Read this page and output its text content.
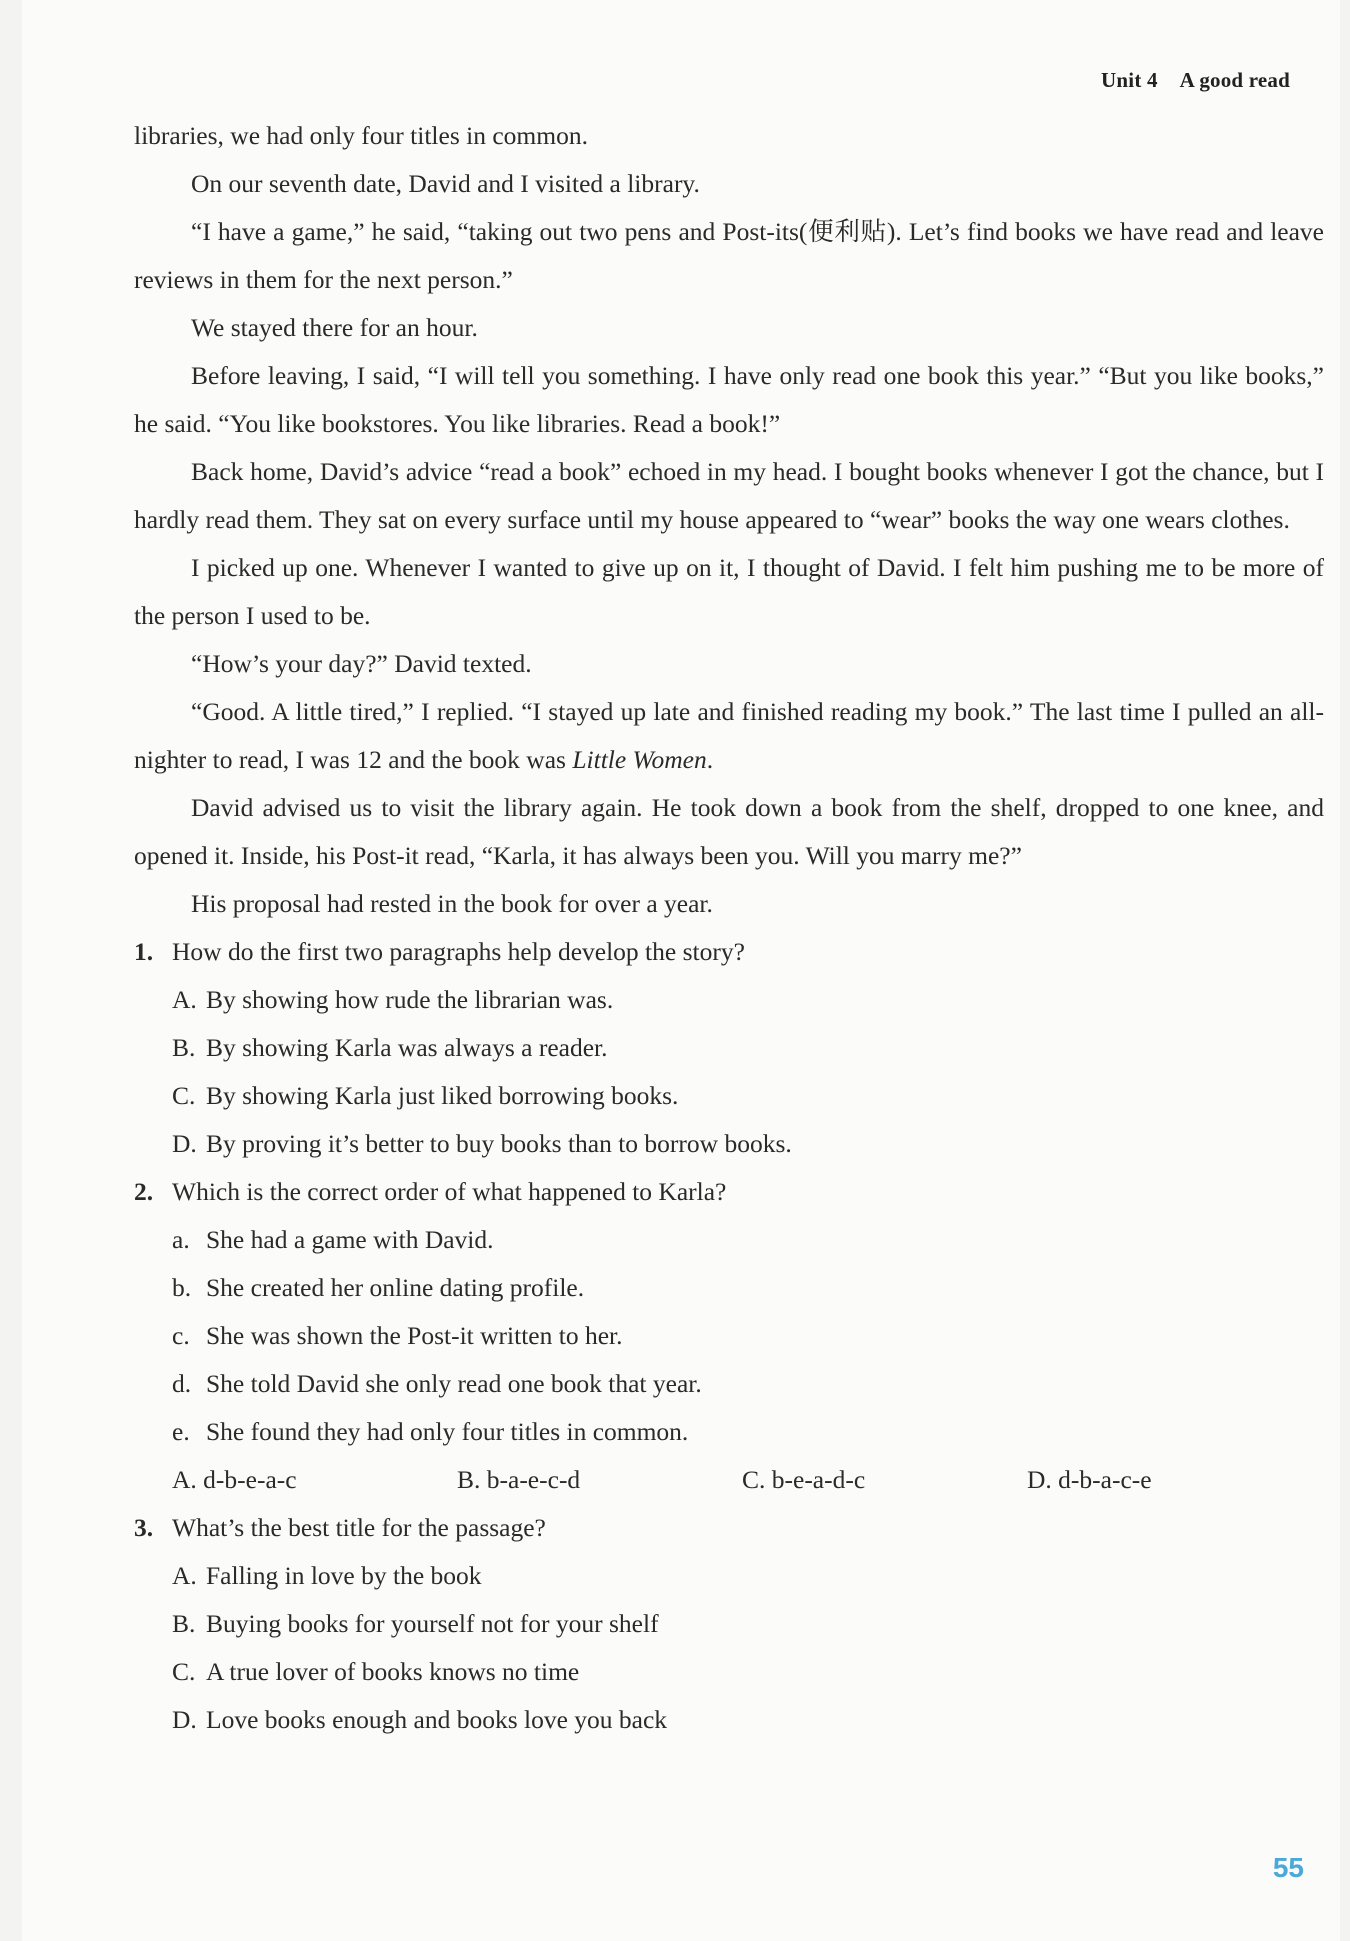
Unit 4 A good read

libraries, we had only four titles in common.

On our seventh date, David and I visited a library.

“I have a game,” he said, “taking out two pens and Post-its(便利贴). Let’s find books we have read and leave reviews in them for the next person.”

We stayed there for an hour.

Before leaving, I said, “I will tell you something. I have only read one book this year.” “But you like books,” he said. “You like bookstores. You like libraries. Read a book!”

Back home, David’s advice “read a book” echoed in my head. I bought books whenever I got the chance, but I hardly read them. They sat on every surface until my house appeared to “wear” books the way one wears clothes.

I picked up one. Whenever I wanted to give up on it, I thought of David. I felt him pushing me to be more of the person I used to be.

“How’s your day?” David texted.

“Good. A little tired,” I replied. “I stayed up late and finished reading my book.” The last time I pulled an all-nighter to read, I was 12 and the book was Little Women.

David advised us to visit the library again. He took down a book from the shelf, dropped to one knee, and opened it. Inside, his Post-it read, “Karla, it has always been you. Will you marry me?”

His proposal had rested in the book for over a year.

1. How do the first two paragraphs help develop the story?

A. By showing how rude the librarian was.

B. By showing Karla was always a reader.

C. By showing Karla just liked borrowing books.

D. By proving it’s better to buy books than to borrow books.

2. Which is the correct order of what happened to Karla?

a. She had a game with David.

b. She created her online dating profile.

c. She was shown the Post-it written to her.

d. She told David she only read one book that year.

e. She found they had only four titles in common.

A. d-b-e-a-c	B. b-a-e-c-d	C. b-e-a-d-c	D. d-b-a-c-e
3. What’s the best title for the passage?

A. Falling in love by the book

B. Buying books for yourself not for your shelf

C. A true lover of books knows no time

D. Love books enough and books love you back

55
